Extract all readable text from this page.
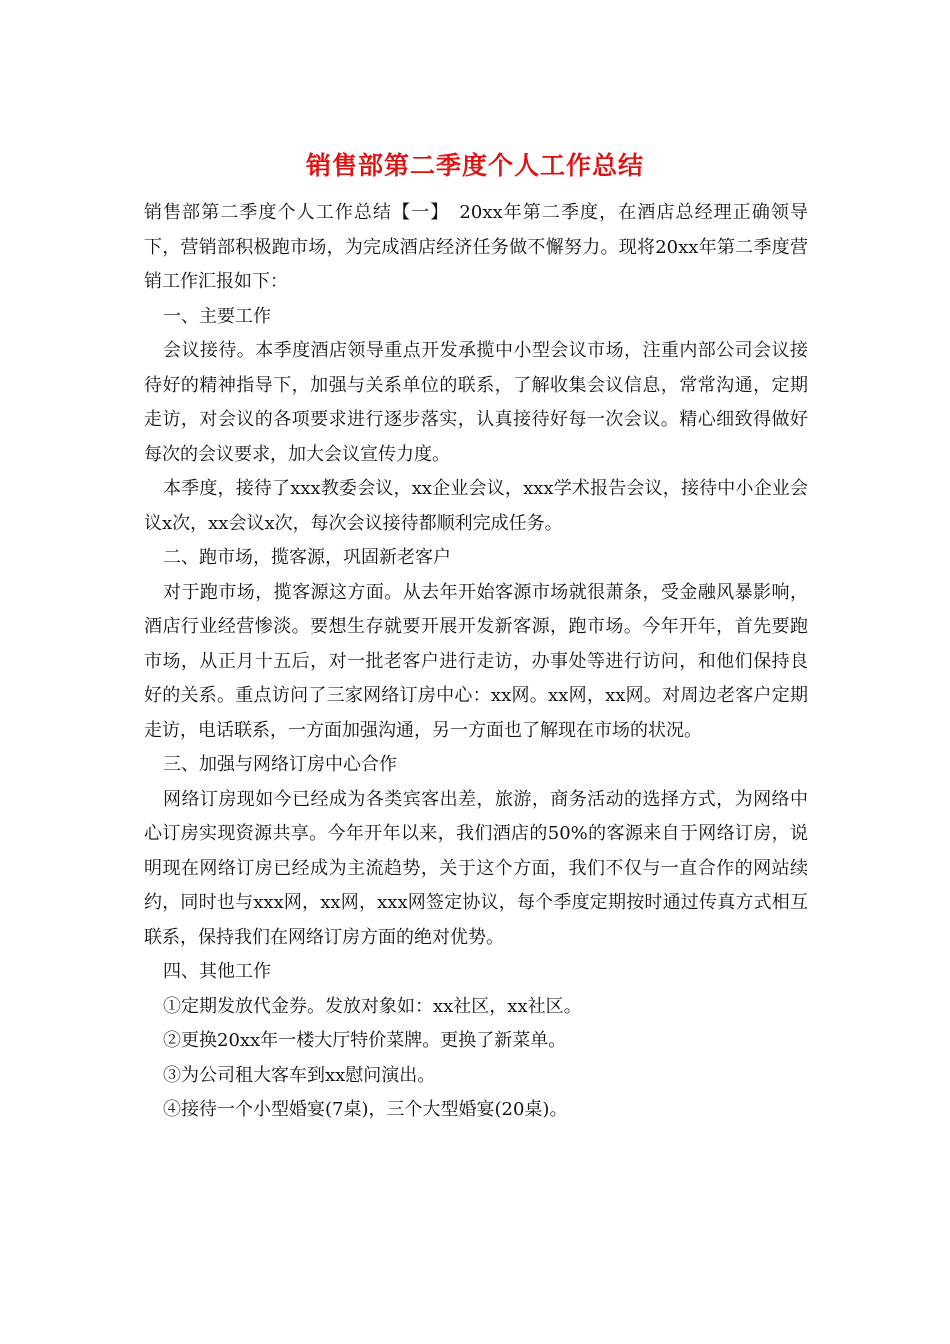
销售部第二季度个人工作总结

销售部第二季度个人工作总结【一】　20xx年第二季度，在酒店总经理正确领导下，营销部积极跑市场，为完成酒店经济任务做不懈努力。现将20xx年第二季度营销工作汇报如下：

一、主要工作

会议接待。本季度酒店领导重点开发承揽中小型会议市场，注重内部公司会议接待好的精神指导下，加强与关系单位的联系，了解收集会议信息，常常沟通，定期走访，对会议的各项要求进行逐步落实，认真接待好每一次会议。精心细致得做好每次的会议要求，加大会议宣传力度。

本季度，接待了xxx教委会议，xx企业会议，xxx学术报告会议，接待中小企业会议x次，xx会议x次，每次会议接待都顺利完成任务。

二、跑市场，揽客源，巩固新老客户

对于跑市场，揽客源这方面。从去年开始客源市场就很萧条，受金融风暴影响，酒店行业经营惨淡。要想生存就要开展开发新客源，跑市场。今年开年，首先要跑市场，从正月十五后，对一批老客户进行走访，办事处等进行访问，和他们保持良好的关系。重点访问了三家网络订房中心：xx网。xx网，xx网。对周边老客户定期走访，电话联系，一方面加强沟通，另一方面也了解现在市场的状况。

三、加强与网络订房中心合作

网络订房现如今已经成为各类宾客出差，旅游，商务活动的选择方式，为网络中心订房实现资源共享。今年开年以来，我们酒店的50%的客源来自于网络订房，说明现在网络订房已经成为主流趋势，关于这个方面，我们不仅与一直合作的网站续约，同时也与xxx网，xx网，xxx网签定协议，每个季度定期按时通过传真方式相互联系，保持我们在网络订房方面的绝对优势。

四、其他工作

①定期发放代金券。发放对象如：xx社区，xx社区。

②更换20xx年一楼大厅特价菜牌。更换了新菜单。

③为公司租大客车到xx慰问演出。

④接待一个小型婚宴(7桌)，三个大型婚宴(20桌)。
